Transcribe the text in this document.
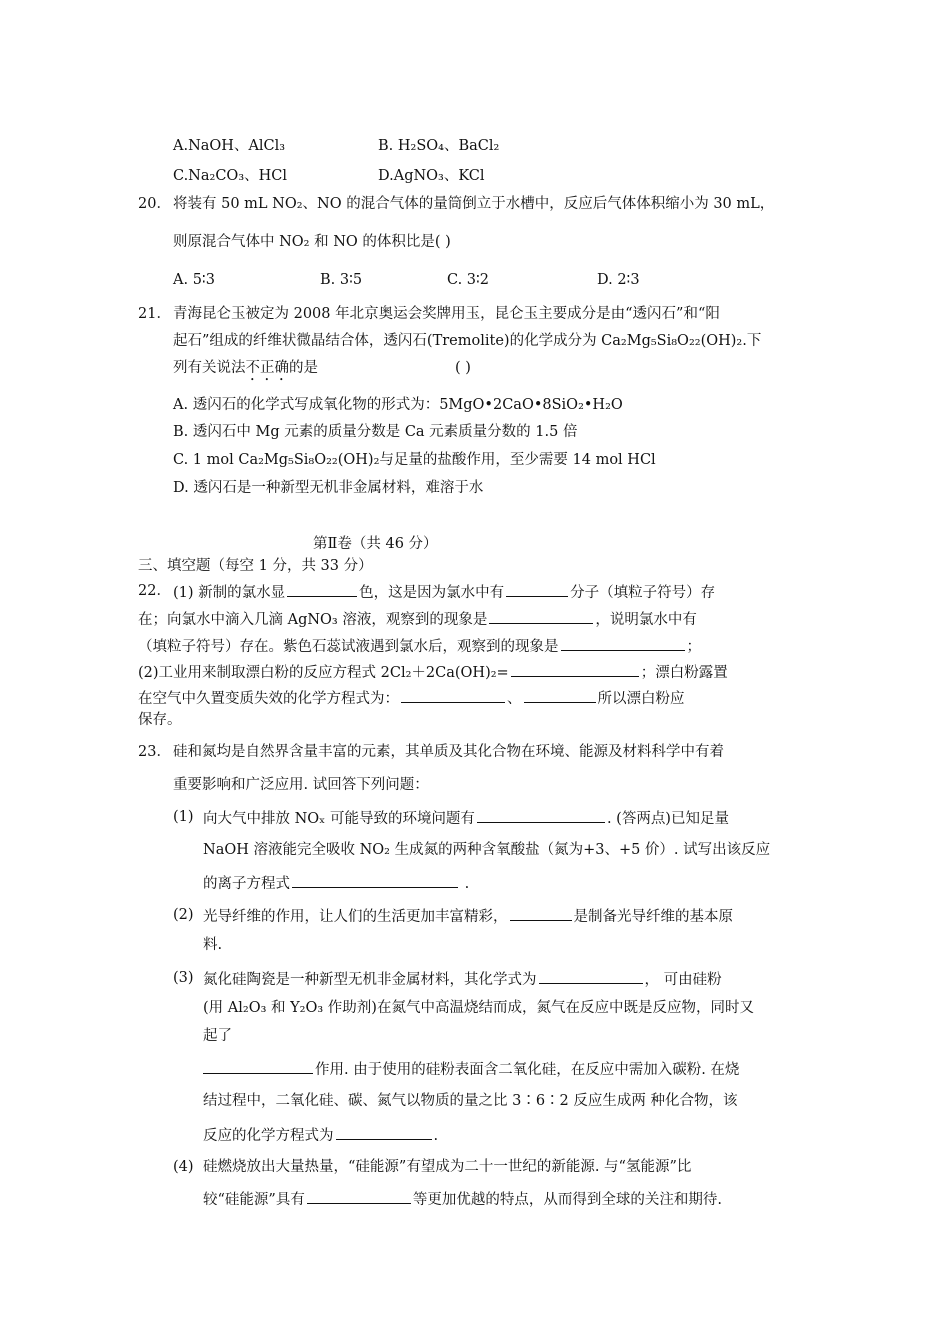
A.NaOH、AlCl₃	B. H₂SO₄、BaCl₂
C.Na₂CO₃、HCl	D.AgNO₃、KCl
20． 将装有 50 mL NO₂、NO 的混合气体的量筒倒立于水槽中，反应后气体体积缩小为 30 mL，
则原混合气体中 NO₂ 和 NO 的体积比是( )
A. 5∶3	B. 3∶5	C. 3∶2	D. 2∶3
21． 青海昆仑玉被定为 2008 年北京奥运会奖牌用玉，昆仑玉主要成分是由“透闪石”和“阳
起石”组成的纤维状微晶结合体，透闪石(Tremolite)的化学成分为 Ca₂Mg₅Si₈O₂₂(OH)₂.下
列有关说法不正确的是	( )
A. 透闪石的化学式写成氧化物的形式为：5MgO•2CaO•8SiO₂•H₂O
B. 透闪石中 Mg 元素的质量分数是 Ca 元素质量分数的 1.5 倍
C. 1 mol Ca₂Mg₅Si₈O₂₂(OH)₂与足量的盐酸作用，至少需要 14 mol HCl
D. 透闪石是一种新型无机非金属材料，难溶于水
第Ⅱ卷（共 46 分）
三、填空题（每空 1 分，共 33 分）
22． (1) 新制的氯水显	色，这是因为氯水中有	分子（填粒子符号）存
在；向氯水中滴入几滴 AgNO₃ 溶液，观察到的现象是	，说明氯水中有
（填粒子符号）存在。紫色石蕊试液遇到氯水后，观察到的现象是	；
(2)工业用来制取漂白粉的反应方程式 2Cl₂＋2Ca(OH)₂=	；漂白粉露置
在空气中久置变质失效的化学方程式为：	、	所以漂白粉应
保存。
23． 硅和氮均是自然界含量丰富的元素，其单质及其化合物在环境、能源及材料科学中有着
重要影响和广泛应用. 试回答下列问题：
(1) 向大气中排放 NOₓ 可能导致的环境问题有	. (答两点)已知足量
NaOH 溶液能完全吸收 NO₂ 生成氮的两种含氧酸盐（氮为+3、+5 价）. 试写出该反应
的离子方程式	.
(2) 光导纤维的作用，让人们的生活更加丰富精彩，	是制备光导纤维的基本原
料.
(3) 氮化硅陶瓷是一种新型无机非金属材料，其化学式为	， 可由硅粉
(用 Al₂O₃ 和 Y₂O₃ 作助剂)在氮气中高温烧结而成，氮气在反应中既是反应物，同时又
起了
作用. 由于使用的硅粉表面含二氧化硅，在反应中需加入碳粉. 在烧
结过程中，二氧化硅、碳、氮气以物质的量之比 3∶6∶2 反应生成两 种化合物，该
反应的化学方程式为	.
(4) 硅燃烧放出大量热量，“硅能源”有望成为二十一世纪的新能源. 与“氢能源”比
较“硅能源”具有	等更加优越的特点，从而得到全球的关注和期待.
